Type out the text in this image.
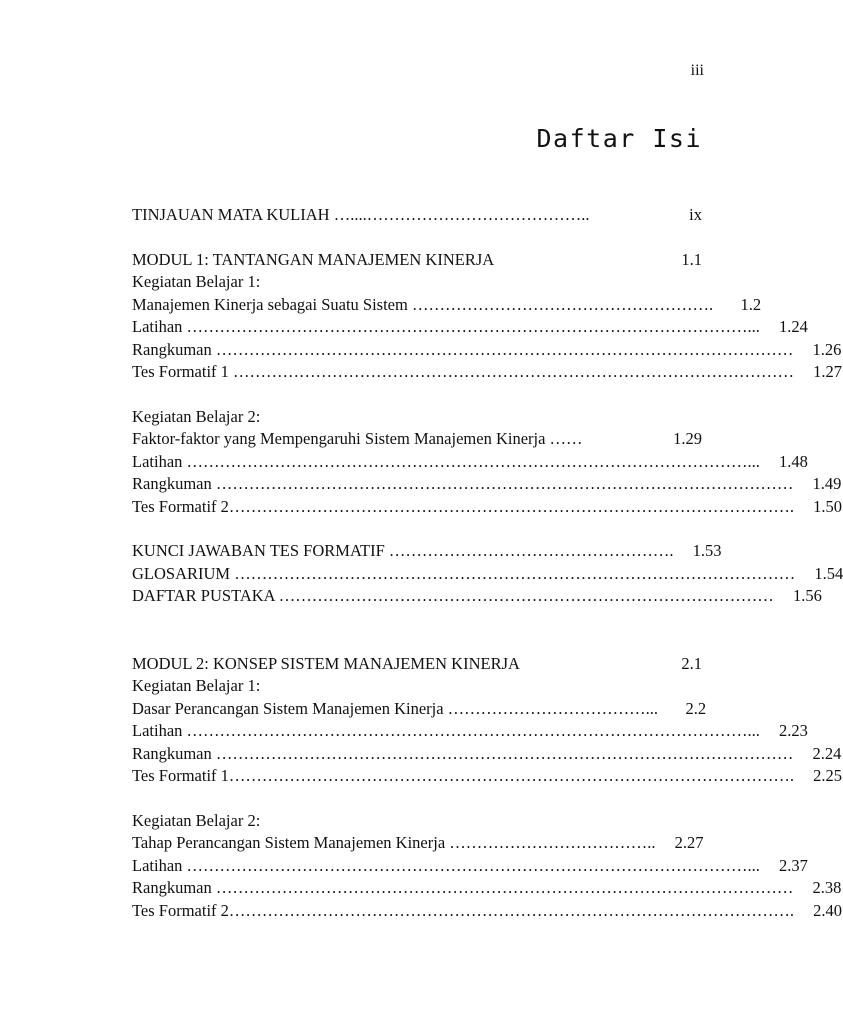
iii
Daftar Isi
TINJAUAN MATA KULIAH …....…………………………………..	ix
MODUL 1: TANTANGAN MANAJEMEN KINERJA	1.1
Kegiatan Belajar 1:
Manajemen Kinerja sebagai Suatu Sistem ……………………………………………….	1.2
Latihan …………………………………………………………………………………………...	1.24
Rangkuman ……………………………………………………………………………………………	1.26
Tes Formatif 1 …………………………………………………………………………………………	1.27
Kegiatan Belajar 2:
Faktor-faktor yang Mempengaruhi Sistem Manajemen Kinerja ……	1.29
Latihan …………………………………………………………………………………………...	1.48
Rangkuman ……………………………………………………………………………………………	1.49
Tes Formatif 2………………………………………………………………………………………….	1.50
KUNCI JAWABAN TES FORMATIF …………………………………………….	1.53
GLOSARIUM …………………………………………………………………………………………	1.54
DAFTAR PUSTAKA ………………………………………………………………………………	1.56
MODUL 2: KONSEP SISTEM MANAJEMEN KINERJA	2.1
Kegiatan Belajar 1:
Dasar Perancangan Sistem Manajemen Kinerja ………………………………...	2.2
Latihan …………………………………………………………………………………………...	2.23
Rangkuman ……………………………………………………………………………………………	2.24
Tes Formatif 1………………………………………………………………………………………….	2.25
Kegiatan Belajar 2:
Tahap Perancangan Sistem Manajemen Kinerja ………………………………..	2.27
Latihan …………………………………………………………………………………………...	2.37
Rangkuman ……………………………………………………………………………………………	2.38
Tes Formatif 2………………………………………………………………………………………….	2.40
